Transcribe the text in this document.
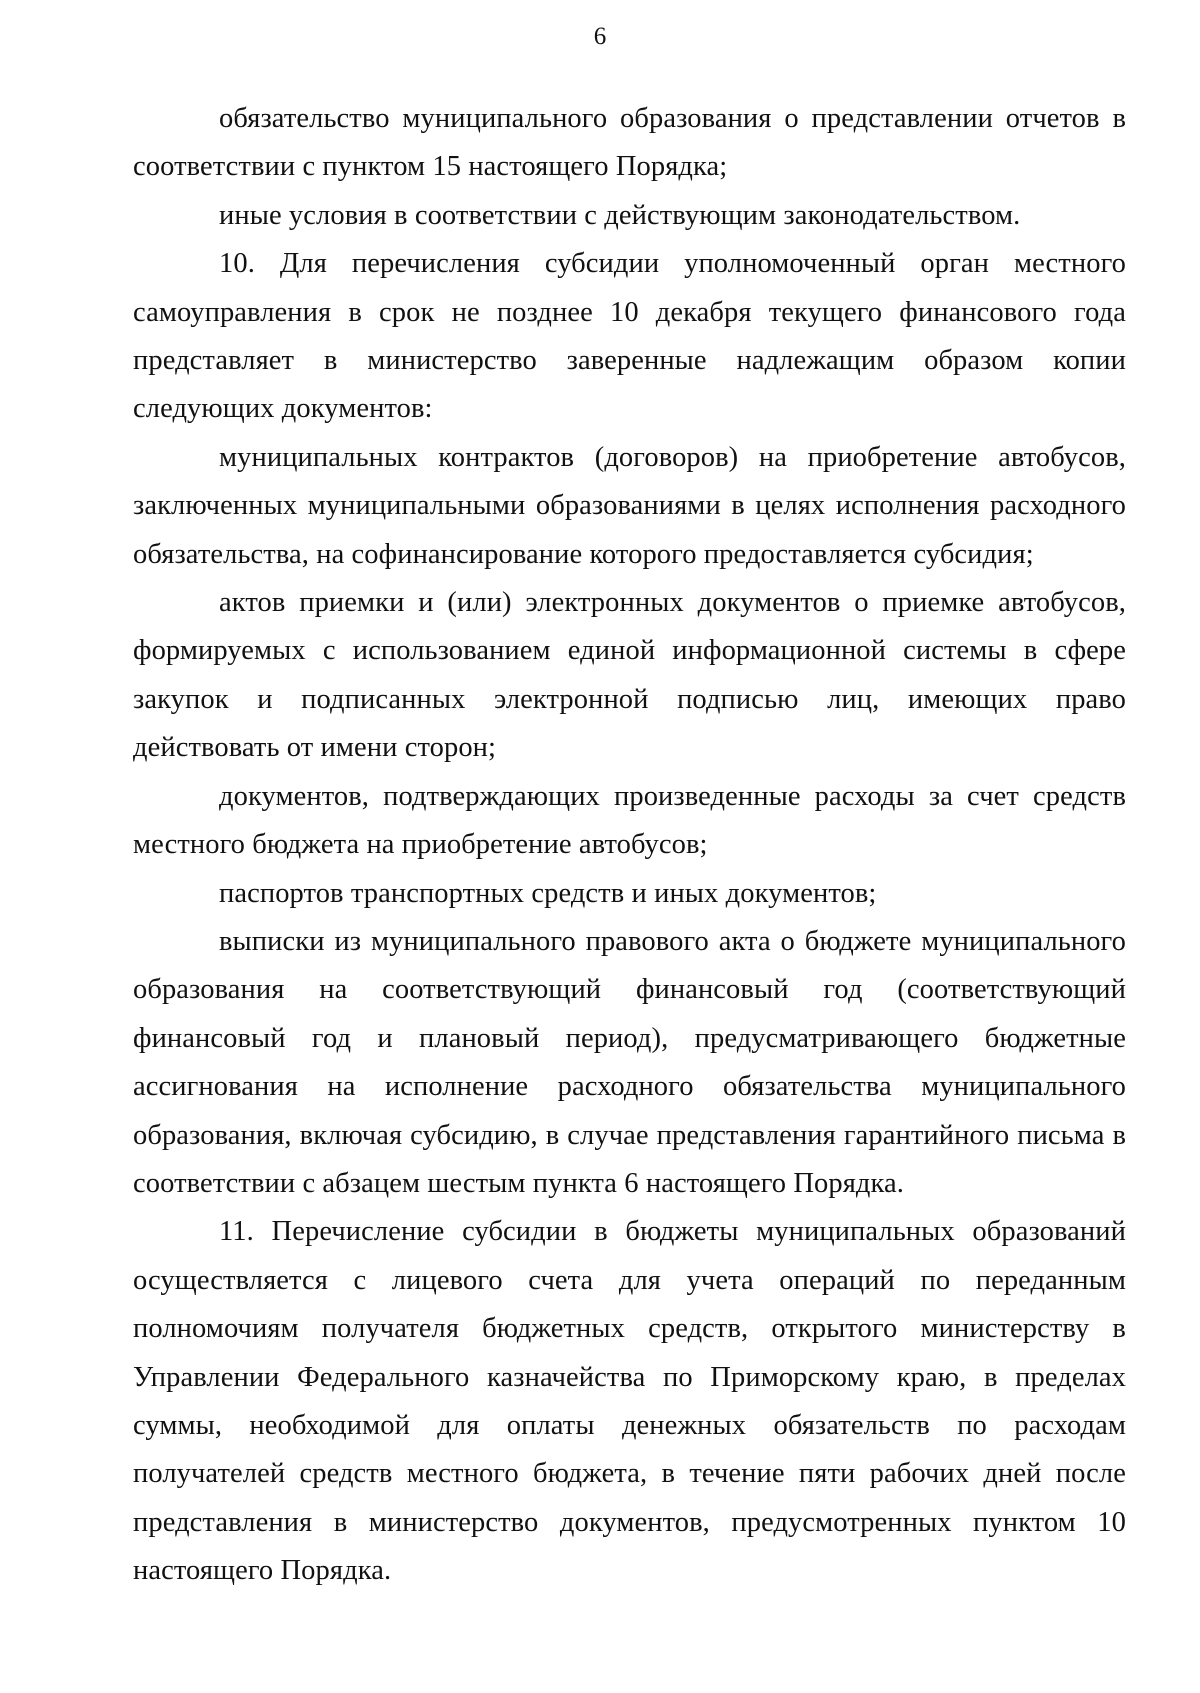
6

обязательство муниципального образования о представлении отчетов в соответствии с пунктом 15 настоящего Порядка;

иные условия в соответствии с действующим законодательством.

10. Для перечисления субсидии уполномоченный орган местного самоуправления в срок не позднее 10 декабря текущего финансового года представляет в министерство заверенные надлежащим образом копии следующих документов:

муниципальных контрактов (договоров) на приобретение автобусов, заключенных муниципальными образованиями в целях исполнения расходного обязательства, на софинансирование которого предоставляется субсидия;

актов приемки и (или) электронных документов о приемке автобусов, формируемых с использованием единой информационной системы в сфере закупок и подписанных электронной подписью лиц, имеющих право действовать от имени сторон;

документов, подтверждающих произведенные расходы за счет средств местного бюджета на приобретение автобусов;

паспортов транспортных средств и иных документов;

выписки из муниципального правового акта о бюджете муниципального образования на соответствующий финансовый год (соответствующий финансовый год и плановый период), предусматривающего бюджетные ассигнования на исполнение расходного обязательства муниципального образования, включая субсидию, в случае представления гарантийного письма в соответствии с абзацем шестым пункта 6 настоящего Порядка.

11. Перечисление субсидии в бюджеты муниципальных образований осуществляется с лицевого счета для учета операций по переданным полномочиям получателя бюджетных средств, открытого министерству в Управлении Федерального казначейства по Приморскому краю, в пределах суммы, необходимой для оплаты денежных обязательств по расходам получателей средств местного бюджета, в течение пяти рабочих дней после представления в министерство документов, предусмотренных пунктом 10 настоящего Порядка.
